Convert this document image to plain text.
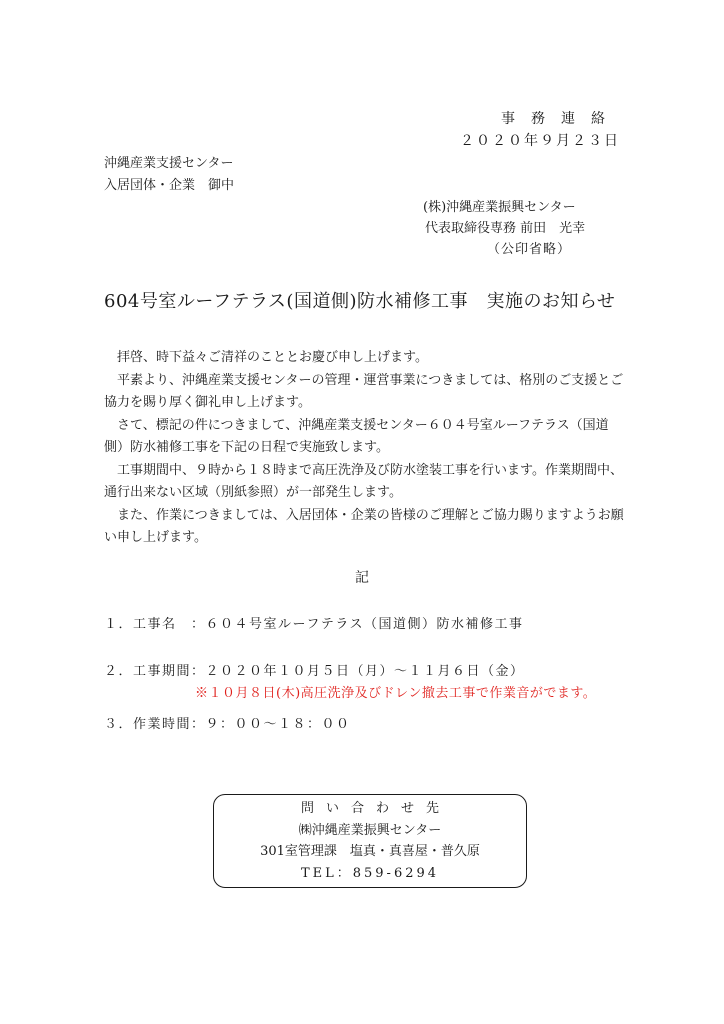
事務連絡
２０２０年９月２３日
沖縄産業支援センター
入居団体・企業　御中
(株)沖縄産業振興センター
代表取締役専務 前田　光幸
（公印省略）
604号室ルーフテラス(国道側)防水補修工事　実施のお知らせ

拝啓、時下益々ご清祥のこととお慶び申し上げます。

平素より、沖縄産業支援センターの管理・運営事業につきましては、格別のご支援とご協力を賜り厚く御礼申し上げます。

さて、標記の件につきまして、沖縄産業支援センター６０４号室ルーフテラス（国道側）防水補修工事を下記の日程で実施致します。

工事期間中、９時から１８時まで高圧洗浄及び防水塗装工事を行います。作業期間中、通行出来ない区域（別紙参照）が一部発生します。

また、作業につきましては、入居団体・企業の皆様のご理解とご協力賜りますようお願い申し上げます。

記
１．工事名　：６０４号室ルーフテラス（国道側）防水補修工事
２．工事期間：２０２０年１０月５日（月）～１１月６日（金）
※１０月８日(木)高圧洗浄及びドレン撤去工事で作業音がでます。
３．作業時間：９：００～１８：００
問い合わせ先
㈱沖縄産業振興センター
301室管理課　塩真・真喜屋・普久原
TEL：859-6294
